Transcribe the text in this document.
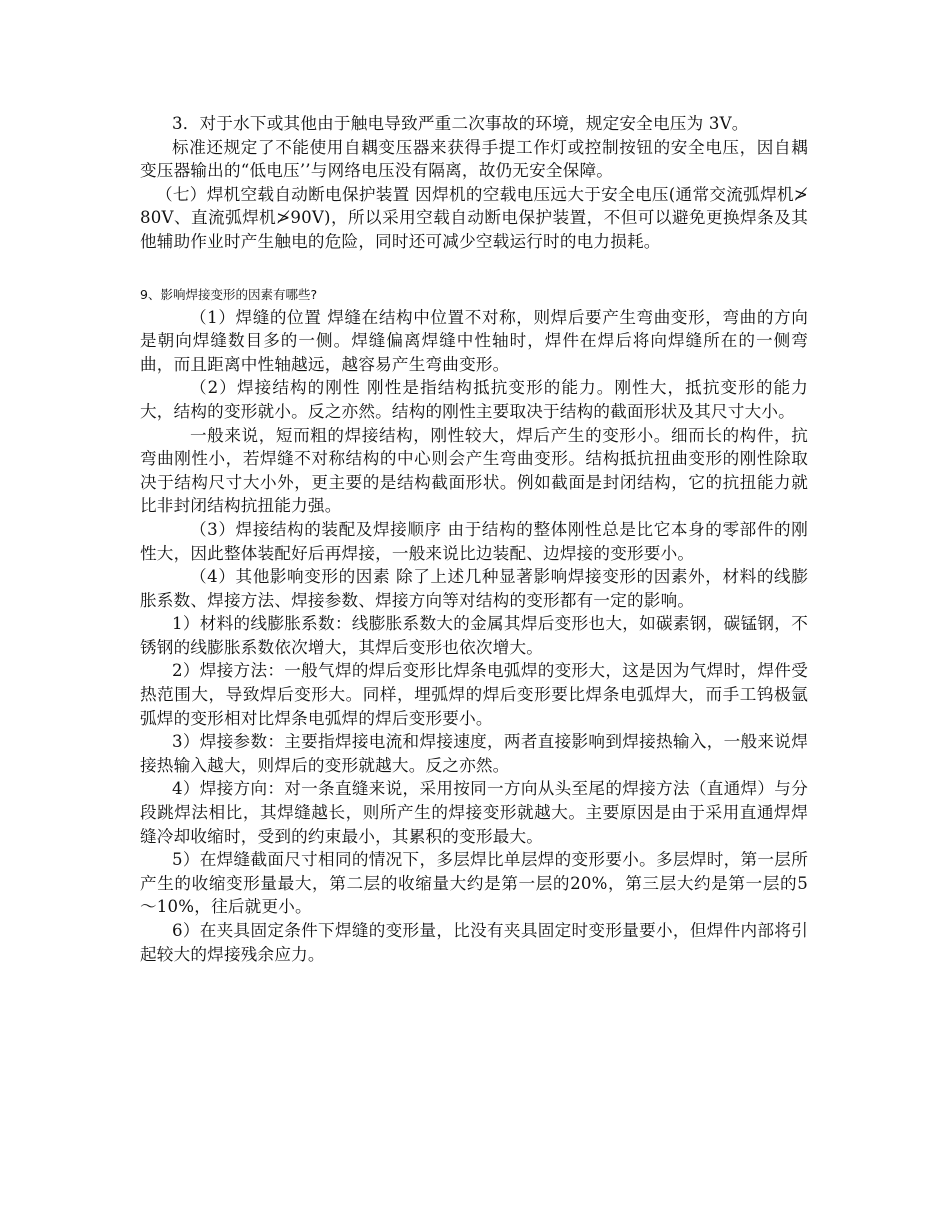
3．对于水下或其他由于触电导致严重二次事故的环境，规定安全电压为 3V。

标准还规定了不能使用自耦变压器来获得手提工作灯或控制按钮的安全电压，因自耦变压器输出的“低电压’’与网络电压没有隔离，故仍无安全保障。

（七）焊机空载自动断电保护装置 因焊机的空载电压远大于安全电压(通常交流弧焊机≯80V、直流弧焊机≯90V)，所以采用空载自动断电保护装置，不但可以避免更换焊条及其他辅助作业时产生触电的危险，同时还可减少空载运行时的电力损耗。

9、影响焊接变形的因素有哪些?

（1）焊缝的位置 焊缝在结构中位置不对称，则焊后要产生弯曲变形，弯曲的方向是朝向焊缝数目多的一侧。焊缝偏离焊缝中性轴时，焊件在焊后将向焊缝所在的一侧弯曲，而且距离中性轴越远，越容易产生弯曲变形。

（2）焊接结构的刚性 刚性是指结构抵抗变形的能力。刚性大，抵抗变形的能力大，结构的变形就小。反之亦然。结构的刚性主要取决于结构的截面形状及其尺寸大小。

一般来说，短而粗的焊接结构，刚性较大，焊后产生的变形小。细而长的构件，抗弯曲刚性小，若焊缝不对称结构的中心则会产生弯曲变形。结构抵抗扭曲变形的刚性除取决于结构尺寸大小外，更主要的是结构截面形状。例如截面是封闭结构，它的抗扭能力就比非封闭结构抗扭能力强。

（3）焊接结构的装配及焊接顺序 由于结构的整体刚性总是比它本身的零部件的刚性大，因此整体装配好后再焊接，一般来说比边装配、边焊接的变形要小。

（4）其他影响变形的因素 除了上述几种显著影响焊接变形的因素外，材料的线膨胀系数、焊接方法、焊接参数、焊接方向等对结构的变形都有一定的影响。

1）材料的线膨胀系数：线膨胀系数大的金属其焊后变形也大，如碳素钢，碳锰钢，不锈钢的线膨胀系数依次增大，其焊后变形也依次增大。

2）焊接方法：一般气焊的焊后变形比焊条电弧焊的变形大，这是因为气焊时，焊件受热范围大，导致焊后变形大。同样，埋弧焊的焊后变形要比焊条电弧焊大，而手工钨极氩弧焊的变形相对比焊条电弧焊的焊后变形要小。

3）焊接参数：主要指焊接电流和焊接速度，两者直接影响到焊接热输入，一般来说焊接热输入越大，则焊后的变形就越大。反之亦然。

4）焊接方向：对一条直缝来说，采用按同一方向从头至尾的焊接方法（直通焊）与分段跳焊法相比，其焊缝越长，则所产生的焊接变形就越大。主要原因是由于采用直通焊焊缝冷却收缩时，受到的约束最小，其累积的变形最大。

5）在焊缝截面尺寸相同的情况下，多层焊比单层焊的变形要小。多层焊时，第一层所产生的收缩变形量最大，第二层的收缩量大约是第一层的20%，第三层大约是第一层的5 ～10%，往后就更小。

6）在夹具固定条件下焊缝的变形量，比没有夹具固定时变形量要小，但焊件内部将引起较大的焊接残余应力。
